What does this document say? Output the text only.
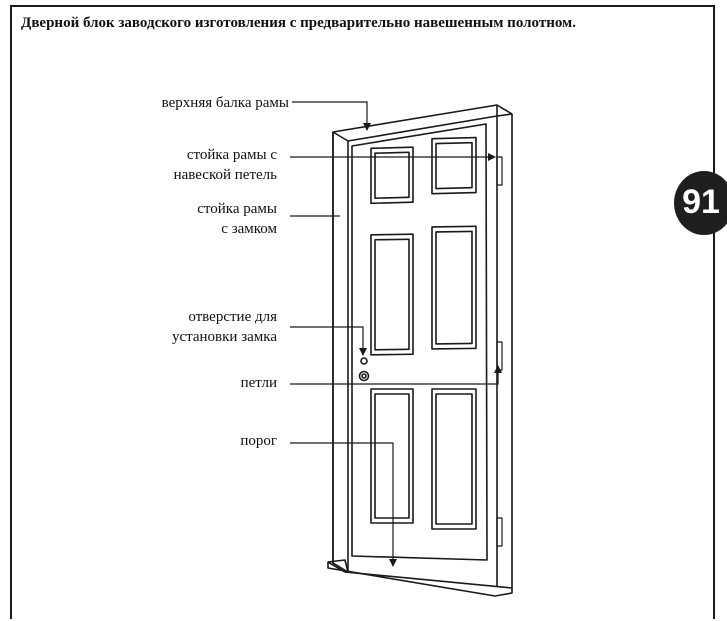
Дверной блок заводского изготовления с предварительно навешенным полотном.
91
верхняя балка рамы
стойка рамы с
навеской петель
стойка рамы
с замком
отверстие для
установки замка
петли
порог
